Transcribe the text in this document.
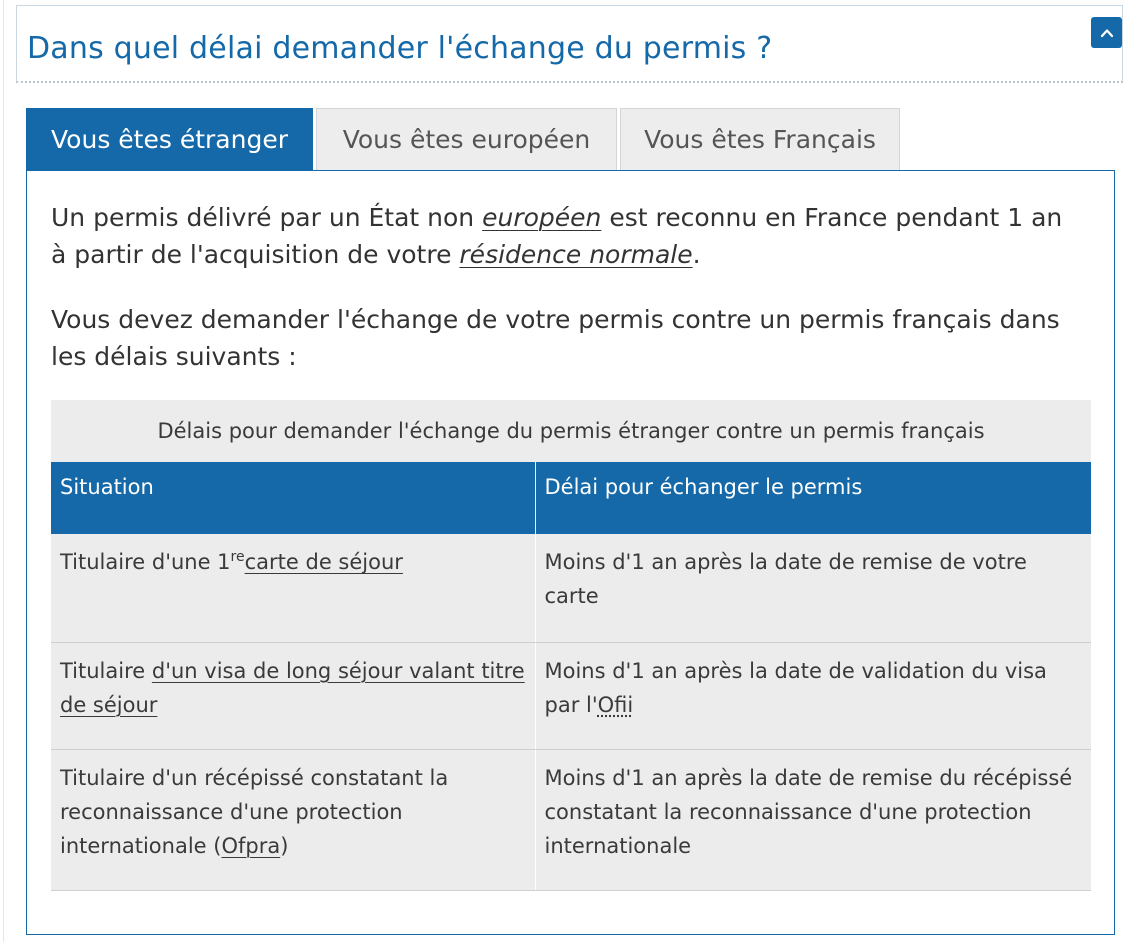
Dans quel délai demander l'échange du permis ?
Vous êtes étranger Vous êtes européen Vous êtes Français
Un permis délivré par un État non européen est reconnu en France pendant 1 an à partir de l'acquisition de votre résidence normale.
Vous devez demander l'échange de votre permis contre un permis français dans les délais suivants :
Délais pour demander l'échange du permis étranger contre un permis français
Situation	Délai pour échanger le permis
Titulaire d'une 1recarte de séjour	Moins d'1 an après la date de remise de votre carte
Titulaire d'un visa de long séjour valant titre de séjour	Moins d'1 an après la date de validation du visa par l'Ofii
Titulaire d'un récépissé constatant la reconnaissance d'une protection internationale (Ofpra)	Moins d'1 an après la date de remise du récépissé constatant la reconnaissance d'une protection internationale
